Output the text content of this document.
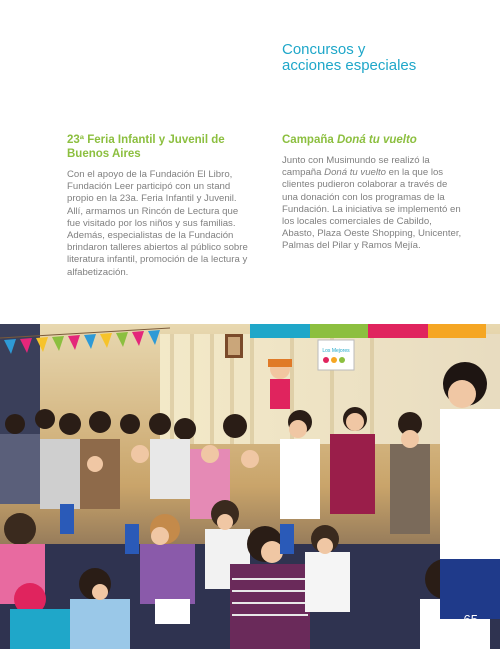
Concursos y
acciones especiales
23ª Feria Infantil y Juvenil de Buenos Aires

Con el apoyo de la Fundación El Libro, Fundación Leer participó con un stand propio en la 23a. Feria Infantil y Juvenil. Allí, armamos un Rincón de Lectura que fue visitado por los niños y sus familias. Además, especialistas de la Fundación brindaron talleres abiertos al público sobre literatura infantil, promoción de la lectura y alfabetización.

Campaña Doná tu vuelto

Junto con Musimundo se realizó la campaña Doná tu vuelto en la que los clientes pudieron colaborar a través de una donación con los programas de la Fundación. La iniciativa se implementó en los locales comerciales de Cabildo, Abasto, Plaza Oeste Shopping, Unicenter, Palmas del Pilar y Ramos Mejía.

Los Mejores
65
